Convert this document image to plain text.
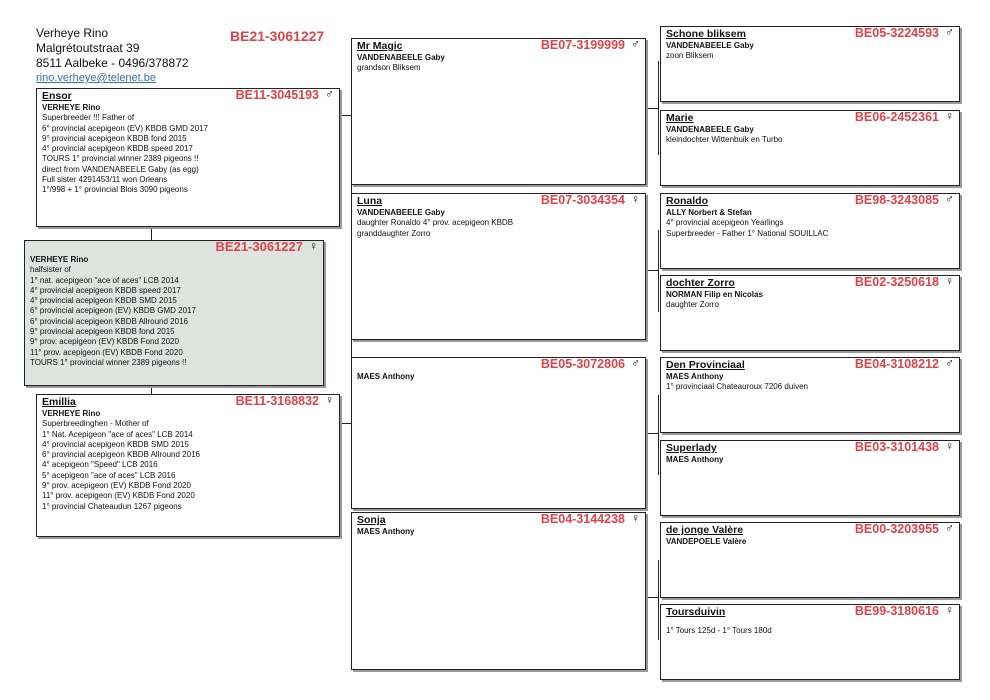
Verheye Rino
Malgrétoutstraat 39
8511 Aalbeke - 0496/378872
rino.verheye@telenet.be
BE21-3061227
Ensor	BE11-3045193 ♂
VERHEYE Rino
Superbreeder !!! Father of
6° provincial acepigeon (EV) KBDB GMD 2017
9° provincial acepigeon KBDB fond 2015
4° provincial acepigeon KBDB speed 2017
TOURS 1° provincial winner 2389 pigeons !!
direct from VANDENABEELE Gaby (as egg)
Full sister 4291453/11 won Orleans
1°/998 + 1° provincial Blois 3090 pigeons
BE21-3061227 ♀
VERHEYE Rino
halfsister of
1° nat. acepigeon "ace of aces" LCB 2014
4° provincial acepigeon KBDB speed 2017
4° provincial acepigeon KBDB SMD 2015
6° provincial acepigeon (EV) KBDB GMD 2017
6° provincial acepigeon KBDB Allround 2016
9° provincial acepigeon KBDB fond 2015
9° prov. acepigeon (EV) KBDB Fond 2020
11° prov. acepigeon (EV) KBDB Fond 2020
TOURS 1° provincial winner 2389 pigeons !!
Emillia	BE11-3168832 ♀
VERHEYE Rino
Superbreedinghen - Mother of
1° Nat. Acepigeon "ace of aces" LCB 2014
4° provincial acepigeon KBDB SMD 2015
6° provincial acepigeon KBDB Allround 2016
4° acepigeon "Speed" LCB 2016
5° acepigeon "ace of aces" LCB 2016
9° prov. acepigeon (EV) KBDB Fond 2020
11° prov. acepigeon (EV) KBDB Fond 2020
1° provincial Chateaudun 1267 pigeons
Mr Magic	BE07-3199999 ♂
VANDENABEELE Gaby
grandson Bliksem
Luna	BE07-3034354 ♀
VANDENABEELE Gaby
daughter Ronaldo 4° prov. acepigeon KBDB
granddaughter Zorro
BE05-3072806 ♂
MAES Anthony
Sonja	BE04-3144238 ♀
MAES Anthony
Schone bliksem	BE05-3224593 ♂
VANDENABEELE Gaby
zoon Bliksem
Marie	BE06-2452361 ♀
VANDENABEELE Gaby
kleindochter Wittenbuik en Turbo
Ronaldo	BE98-3243085 ♂
ALLY Norbert & Stefan
4° provincial acepigeon Yearlings
Superbreeder - Father 1° National SOUILLAC
dochter Zorro	BE02-3250618 ♀
NORMAN Filip en Nicolas
daughter Zorro
Den Provinciaal	BE04-3108212 ♂
MAES Anthony
1° provinciaal Chateauroux 7206 duiven
Superlady	BE03-3101438 ♀
MAES Anthony
de jonge Valère	BE00-3203955 ♂
VANDEPOELE Valère
Toursduivin	BE99-3180616 ♀
1° Tours 125d - 1° Tours 180d
